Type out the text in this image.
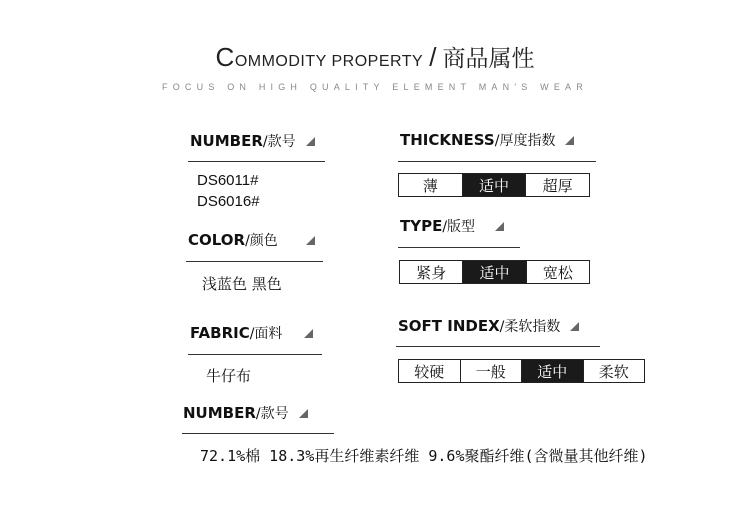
COMMODITY PROPERTY / 商品属性
FOCUS ON HIGH QUALITY ELEMENT MAN'S WEAR
NUMBER/款号
DS6011#
DS6016#
COLOR/颜色
浅蓝色 黑色
FABRIC/面料
牛仔布
NUMBER/款号
THICKNESS/厚度指数
薄	适中	超厚
TYPE/版型
紧身	适中	宽松
SOFT INDEX/柔软指数
较硬	一般	适中	柔软
72.1%棉 18.3%再生纤维素纤维 9.6%聚酯纤维(含微量其他纤维)
